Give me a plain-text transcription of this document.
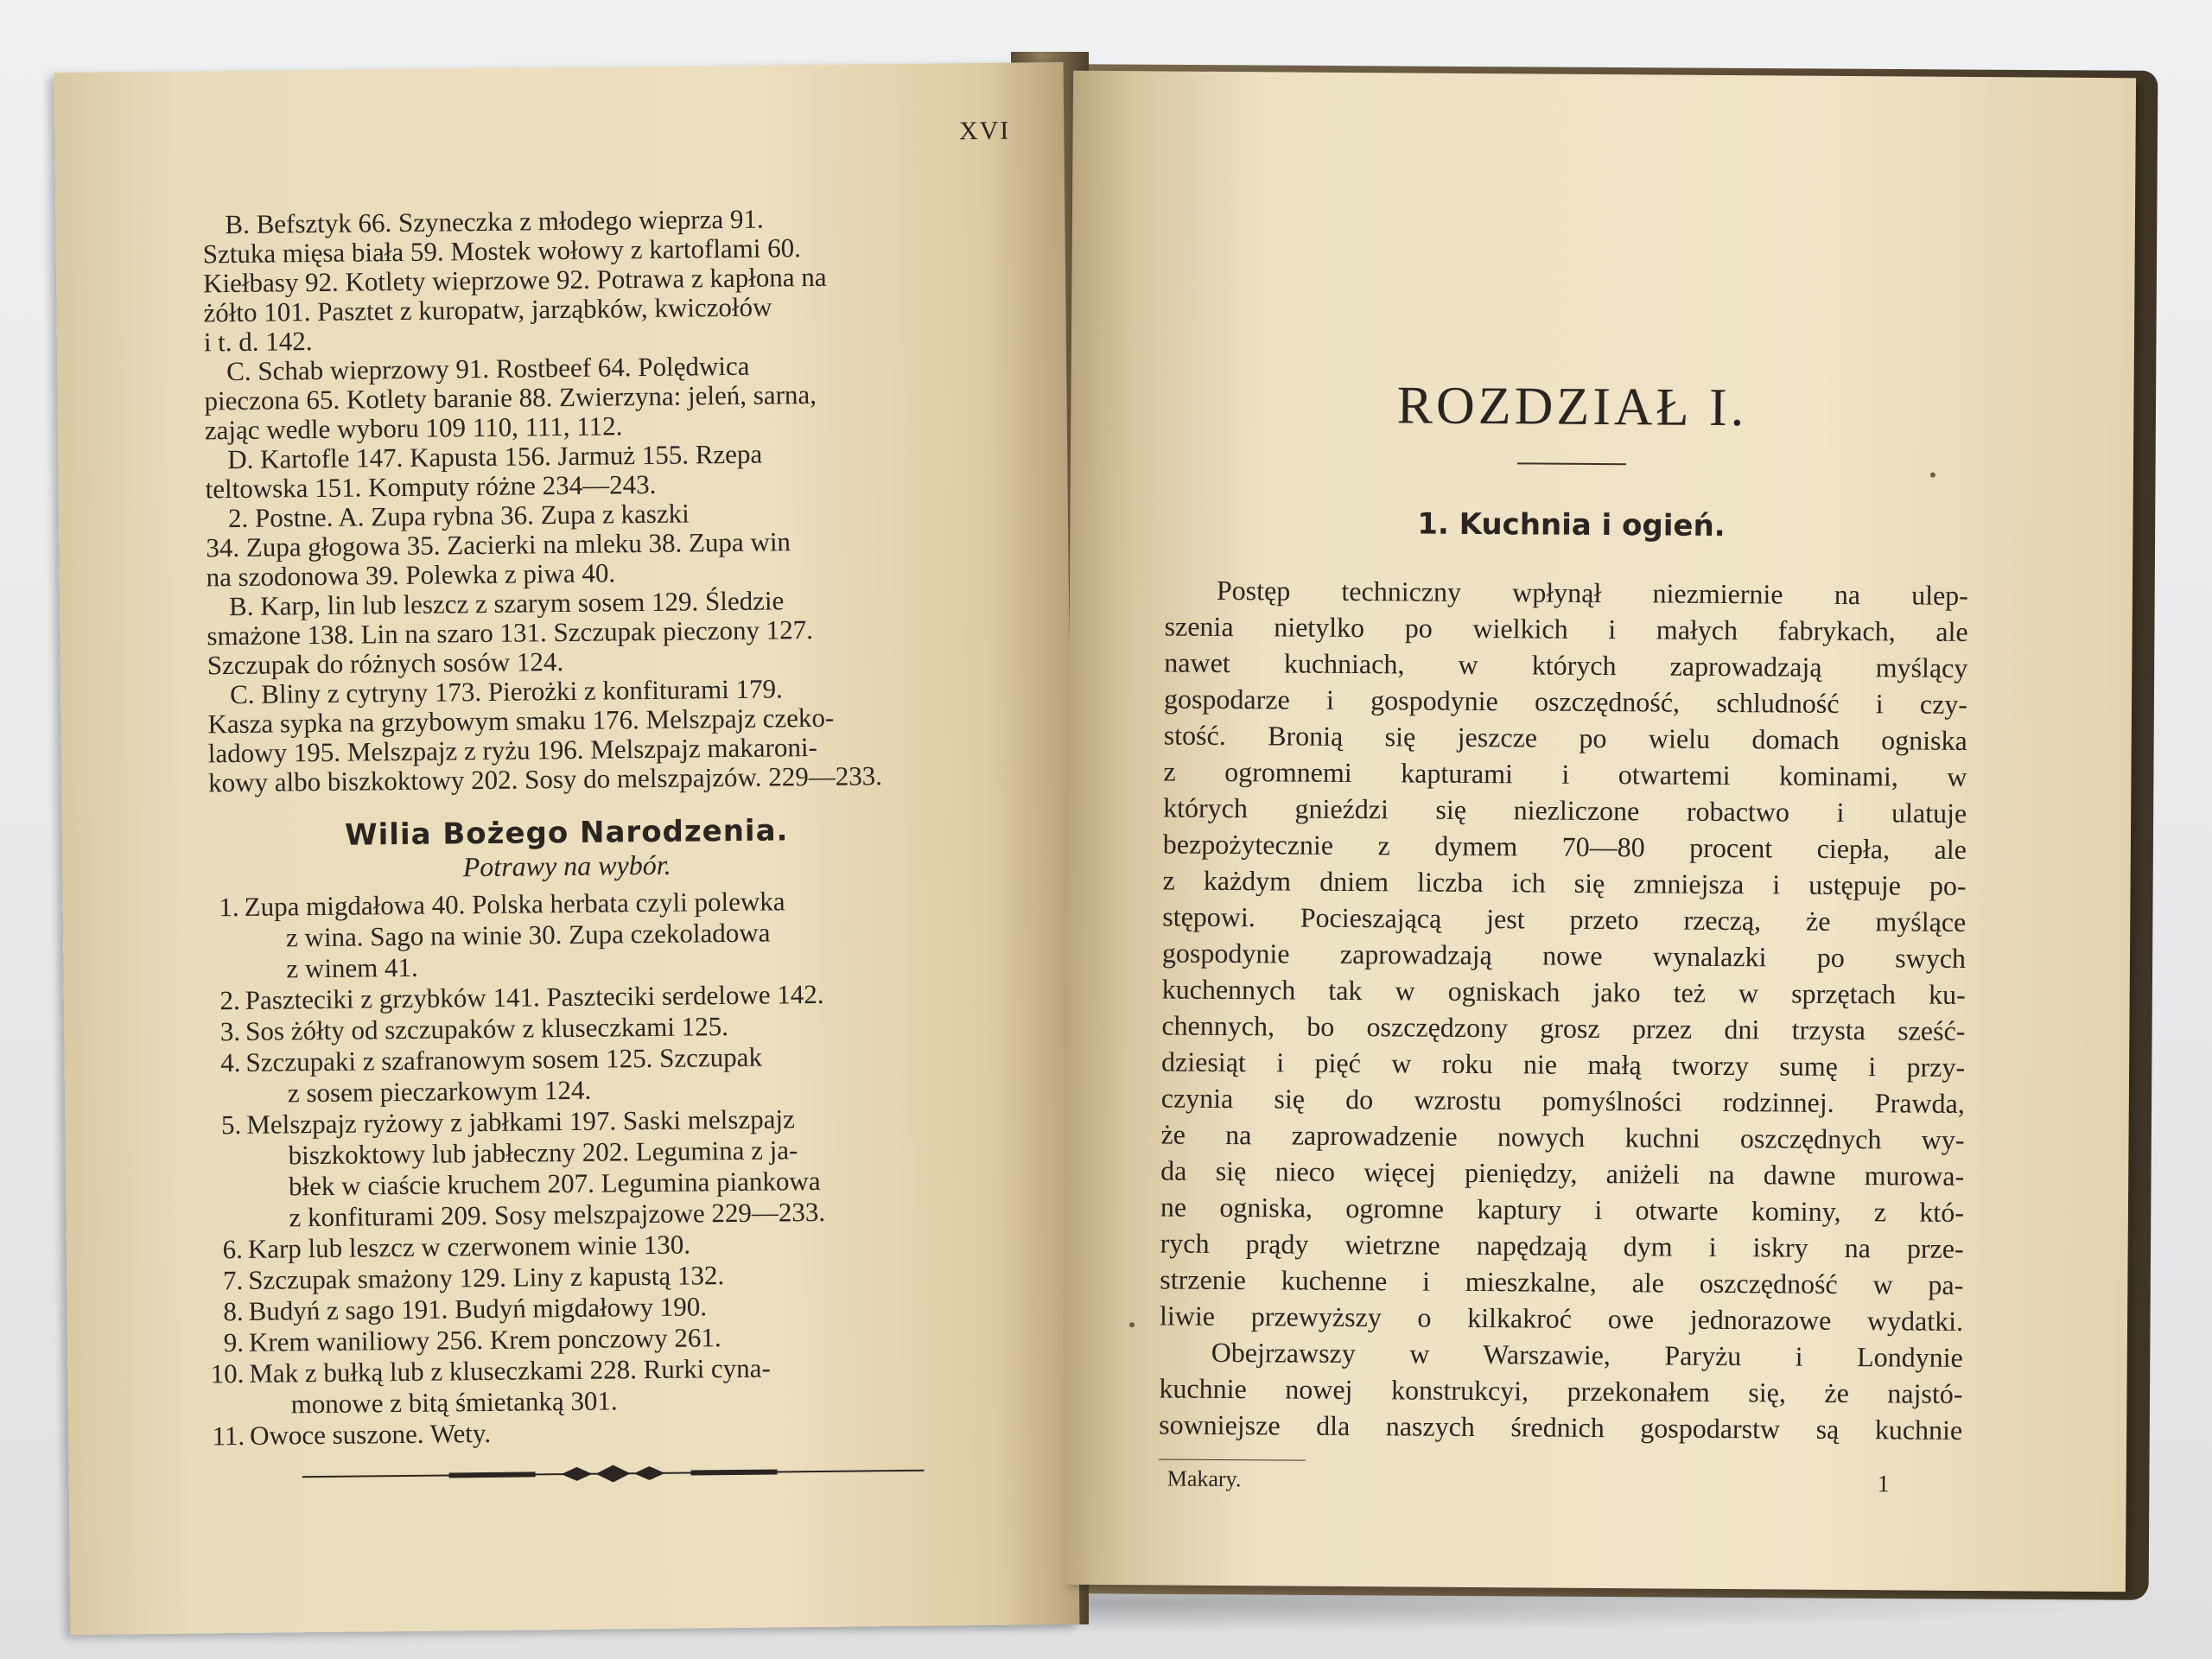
XVI
B. Befsztyk 66. Szyneczka z młodego wieprza 91.
Sztuka mięsa biała 59. Mostek wołowy z kartoflami 60.
Kiełbasy 92. Kotlety wieprzowe 92. Potrawa z kapłona na
żółto 101. Pasztet z kuropatw, jarząbków, kwiczołów
i t. d. 142.
C. Schab wieprzowy 91. Rostbeef 64. Polędwica
pieczona 65. Kotlety baranie 88. Zwierzyna: jeleń, sarna,
zając wedle wyboru 109 110, 111, 112.
D. Kartofle 147. Kapusta 156. Jarmuż 155. Rzepa
teltowska 151. Komputy różne 234—243.
2. Postne. A. Zupa rybna 36. Zupa z kaszki
34. Zupa głogowa 35. Zacierki na mleku 38. Zupa win
na szodonowa 39. Polewka z piwa 40.
B. Karp, lin lub leszcz z szarym sosem 129. Śledzie
smażone 138. Lin na szaro 131. Szczupak pieczony 127.
Szczupak do różnych sosów 124.
C. Bliny z cytryny 173. Pierożki z konfiturami 179.
Kasza sypka na grzybowym smaku 176. Melszpajz czeko-
ladowy 195. Melszpajz z ryżu 196. Melszpajz makaroni-
kowy albo biszkoktowy 202. Sosy do melszpajzów. 229—233.
Wilia Bożego Narodzenia.
Potrawy na wybór.
1. Zupa migdałowa 40. Polska herbata czyli polewka
z wina. Sago na winie 30. Zupa czekoladowa
z winem 41.
2. Paszteciki z grzybków 141. Paszteciki serdelowe 142.
3. Sos żółty od szczupaków z kluseczkami 125.
4. Szczupaki z szafranowym sosem 125. Szczupak
z sosem pieczarkowym 124.
5. Melszpajz ryżowy z jabłkami 197. Saski melszpajz
biszkoktowy lub jabłeczny 202. Legumina z ja-
błek w ciaście kruchem 207. Legumina piankowa
z konfiturami 209. Sosy melszpajzowe 229—233.
6. Karp lub leszcz w czerwonem winie 130.
7. Szczupak smażony 129. Liny z kapustą 132.
8. Budyń z sago 191. Budyń migdałowy 190.
9. Krem waniliowy 256. Krem ponczowy 261.
10. Mak z bułką lub z kluseczkami 228. Rurki cyna-
monowe z bitą śmietanką 301.
11. Owoce suszone. Wety.
ROZDZIAŁ I.
1. Kuchnia i ogień.
Postęp techniczny wpłynął niezmiernie na ulep-
szenia nietylko po wielkich i małych fabrykach, ale
nawet kuchniach, w których zaprowadzają myślący
gospodarze i gospodynie oszczędność, schludność i czy-
stość. Bronią się jeszcze po wielu domach ogniska
z ogromnemi kapturami i otwartemi kominami, w
których gnieździ się niezliczone robactwo i ulatuje
bezpożytecznie z dymem 70—80 procent ciepła, ale
z każdym dniem liczba ich się zmniejsza i ustępuje po-
stępowi. Pocieszającą jest przeto rzeczą, że myślące
gospodynie zaprowadzają nowe wynalazki po swych
kuchennych tak w ogniskach jako też w sprzętach ku-
chennych, bo oszczędzony grosz przez dni trzysta sześć-
dziesiąt i pięć w roku nie małą tworzy sumę i przy-
czynia się do wzrostu pomyślności rodzinnej. Prawda,
że na zaprowadzenie nowych kuchni oszczędnych wy-
da się nieco więcej pieniędzy, aniżeli na dawne murowa-
ne ogniska, ogromne kaptury i otwarte kominy, z któ-
rych prądy wietrzne napędzają dym i iskry na prze-
strzenie kuchenne i mieszkalne, ale oszczędność w pa-
liwie przewyższy o kilkakroć owe jednorazowe wydatki.
Obejrzawszy w Warszawie, Paryżu i Londynie
kuchnie nowej konstrukcyi, przekonałem się, że najstó-
sowniejsze dla naszych średnich gospodarstw są kuchnie
Makary.	1
